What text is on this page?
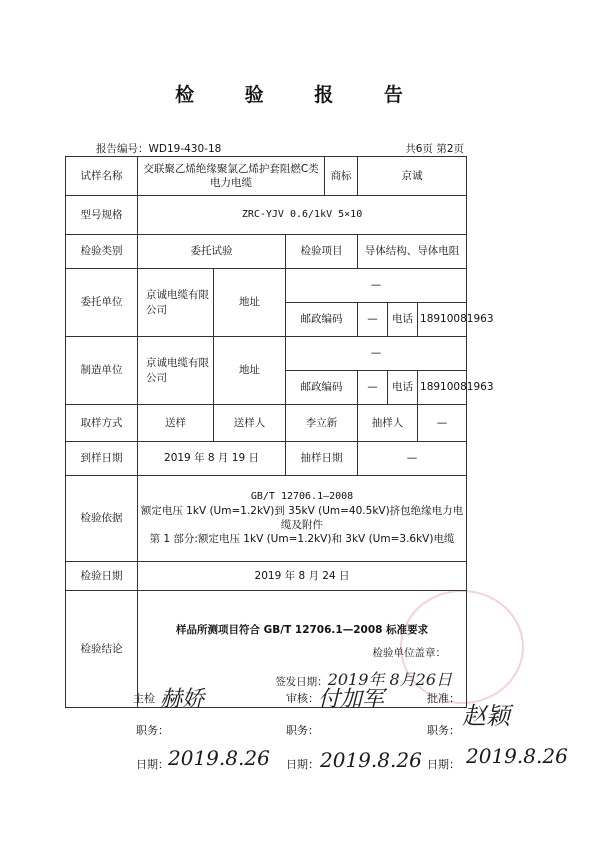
检 验 报 告
报告编号：WD19-430-18	共6页 第2页
试样名称	交联聚乙烯绝缘聚氯乙烯护套阻燃C类电力电缆			商标	京诚		
型号规格	ZRC-YJV 0.6/1kV 5×10						
检验类别	委托试验		检验项目		导体结构、导体电阻		
委托单位	京诚电缆有限公司	地址	—				
			邮政编码		—	电话	18910081963
制造单位	京诚电缆有限公司	地址	—				
			邮政编码		—	电话	18910081963
取样方式	送样	送样人	李立新		抽样人		—
到样日期	2019 年 8 月 19 日		抽样日期		—		
检验依据	GB/T 12706.1—2008
额定电压 1kV (Um=1.2kV)到 35kV (Um=40.5kV)挤包绝缘电力电缆及附件
第 1 部分:额定电压 1kV (Um=1.2kV)和 3kV (Um=3.6kV)电缆						

检验日期	2019 年 8 月 24 日						
检验结论	样品所测项目符合 GB/T 12706.1—2008 标准要求
检验单位盖章：
签发日期：2019年 8月26日						
主检 赫娇	审核： 付加军	批准：
赵颖
职务：	职务：	职务：
日期： 2019.8.26 日期： 2019.8.26 日期： 2019.8.26
